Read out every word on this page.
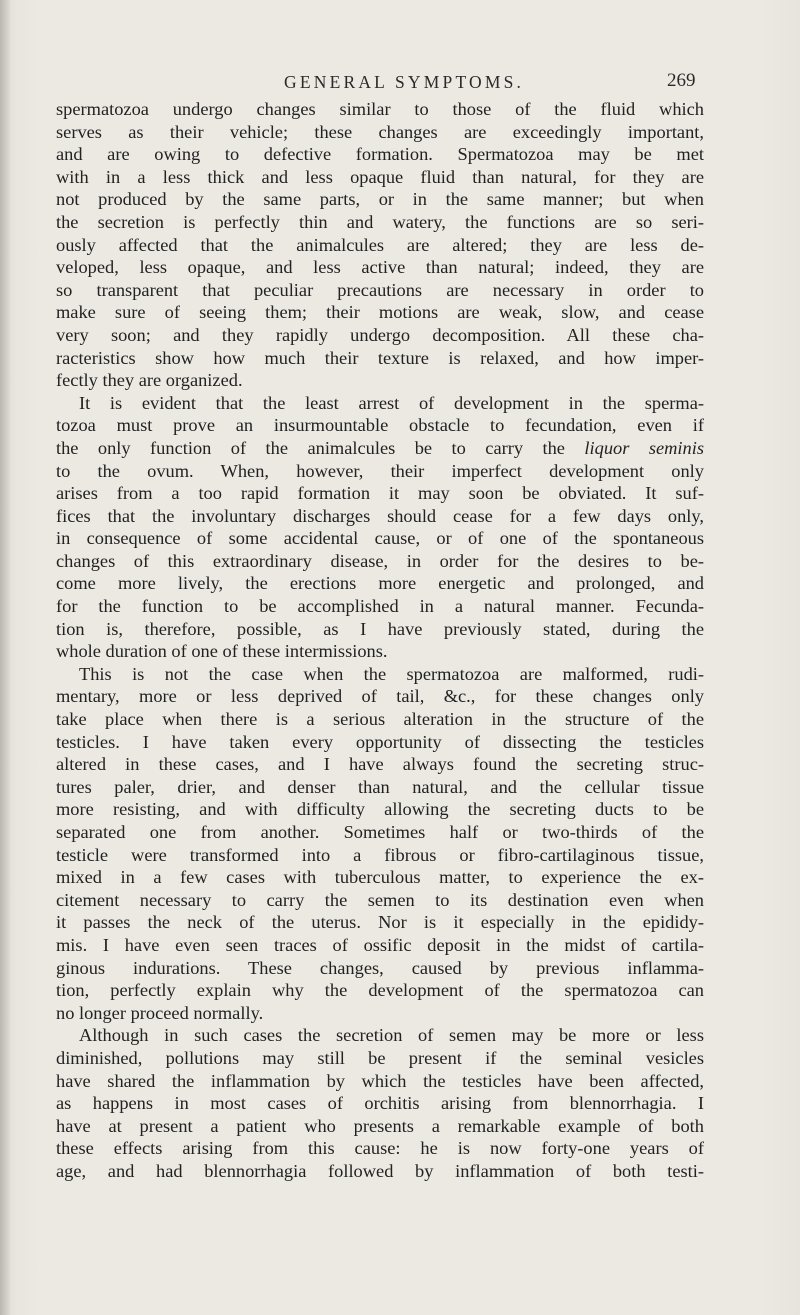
GENERAL SYMPTOMS.	269
spermatozoa undergo changes similar to those of the fluid which
serves as their vehicle; these changes are exceedingly important,
and are owing to defective formation. Spermatozoa may be met
with in a less thick and less opaque fluid than natural, for they are
not produced by the same parts, or in the same manner; but when
the secretion is perfectly thin and watery, the functions are so seri-
ously affected that the animalcules are altered; they are less de-
veloped, less opaque, and less active than natural; indeed, they are
so transparent that peculiar precautions are necessary in order to
make sure of seeing them; their motions are weak, slow, and cease
very soon; and they rapidly undergo decomposition. All these cha-
racteristics show how much their texture is relaxed, and how imper-
fectly they are organized.
It is evident that the least arrest of development in the sperma-
tozoa must prove an insurmountable obstacle to fecundation, even if
the only function of the animalcules be to carry the liquor seminis
to the ovum. When, however, their imperfect development only
arises from a too rapid formation it may soon be obviated. It suf-
fices that the involuntary discharges should cease for a few days only,
in consequence of some accidental cause, or of one of the spontaneous
changes of this extraordinary disease, in order for the desires to be-
come more lively, the erections more energetic and prolonged, and
for the function to be accomplished in a natural manner. Fecunda-
tion is, therefore, possible, as I have previously stated, during the
whole duration of one of these intermissions.
This is not the case when the spermatozoa are malformed, rudi-
mentary, more or less deprived of tail, &c., for these changes only
take place when there is a serious alteration in the structure of the
testicles. I have taken every opportunity of dissecting the testicles
altered in these cases, and I have always found the secreting struc-
tures paler, drier, and denser than natural, and the cellular tissue
more resisting, and with difficulty allowing the secreting ducts to be
separated one from another. Sometimes half or two-thirds of the
testicle were transformed into a fibrous or fibro-cartilaginous tissue,
mixed in a few cases with tuberculous matter, to experience the ex-
citement necessary to carry the semen to its destination even when
it passes the neck of the uterus. Nor is it especially in the epididy-
mis. I have even seen traces of ossific deposit in the midst of cartila-
ginous indurations. These changes, caused by previous inflamma-
tion, perfectly explain why the development of the spermatozoa can
no longer proceed normally.
Although in such cases the secretion of semen may be more or less
diminished, pollutions may still be present if the seminal vesicles
have shared the inflammation by which the testicles have been affected,
as happens in most cases of orchitis arising from blennorrhagia. I
have at present a patient who presents a remarkable example of both
these effects arising from this cause: he is now forty-one years of
age, and had blennorrhagia followed by inflammation of both testi-
